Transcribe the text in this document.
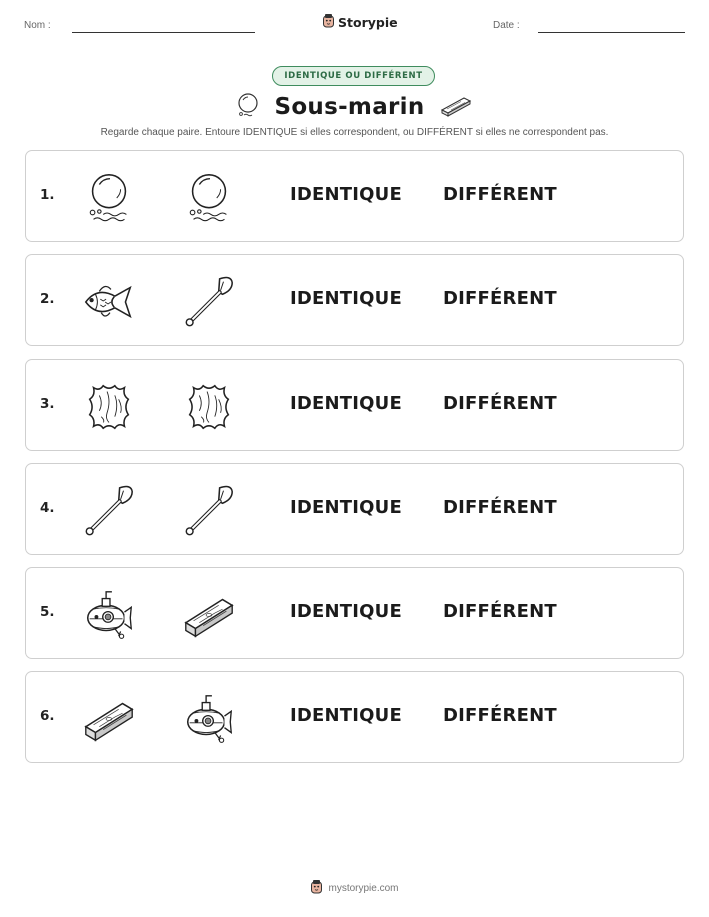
Nom :	Storypie	Date :
IDENTIQUE OU DIFFÉRENT
Sous-marin
Regarde chaque paire. Entoure IDENTIQUE si elles correspondent, ou DIFFÉRENT si elles ne correspondent pas.
1.	IDENTIQUE DIFFÉRENT
2.	IDENTIQUE DIFFÉRENT
3.	IDENTIQUE DIFFÉRENT
4.	IDENTIQUE DIFFÉRENT
5.	IDENTIQUE DIFFÉRENT
6.	IDENTIQUE DIFFÉRENT
mystorypie.com
